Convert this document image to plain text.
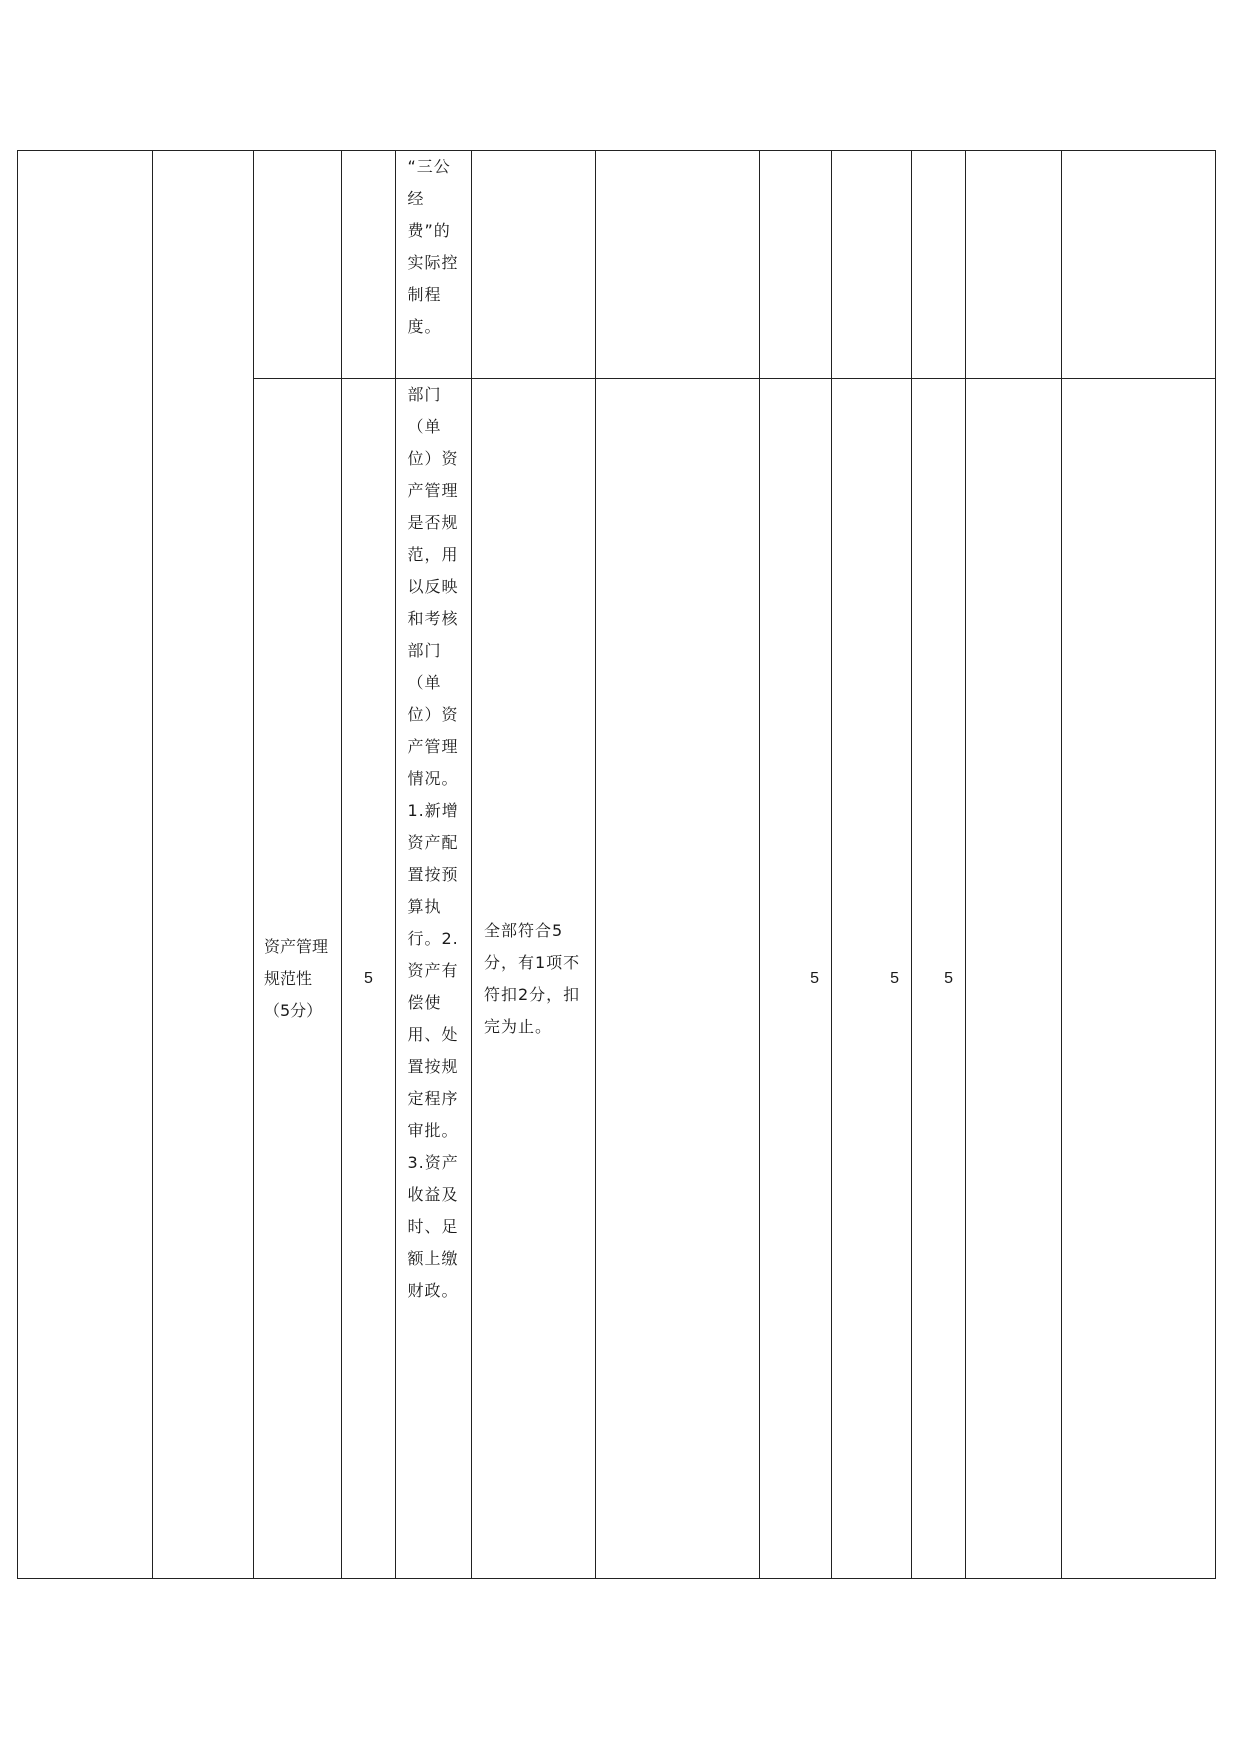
				“三公经费”的实际控制程度。							

		资产管理规范性（5分）	5	部门（单位）资产管理是否规范，用以反映和考核部门（单位）资产管理情况。1.新增资产配置按预算执行。2.资产有偿使用、处置按规定程序审批。3.资产收益及时、足额上缴财政。	全部符合5分，有1项不符扣2分，扣完为止。		5	5	5		
